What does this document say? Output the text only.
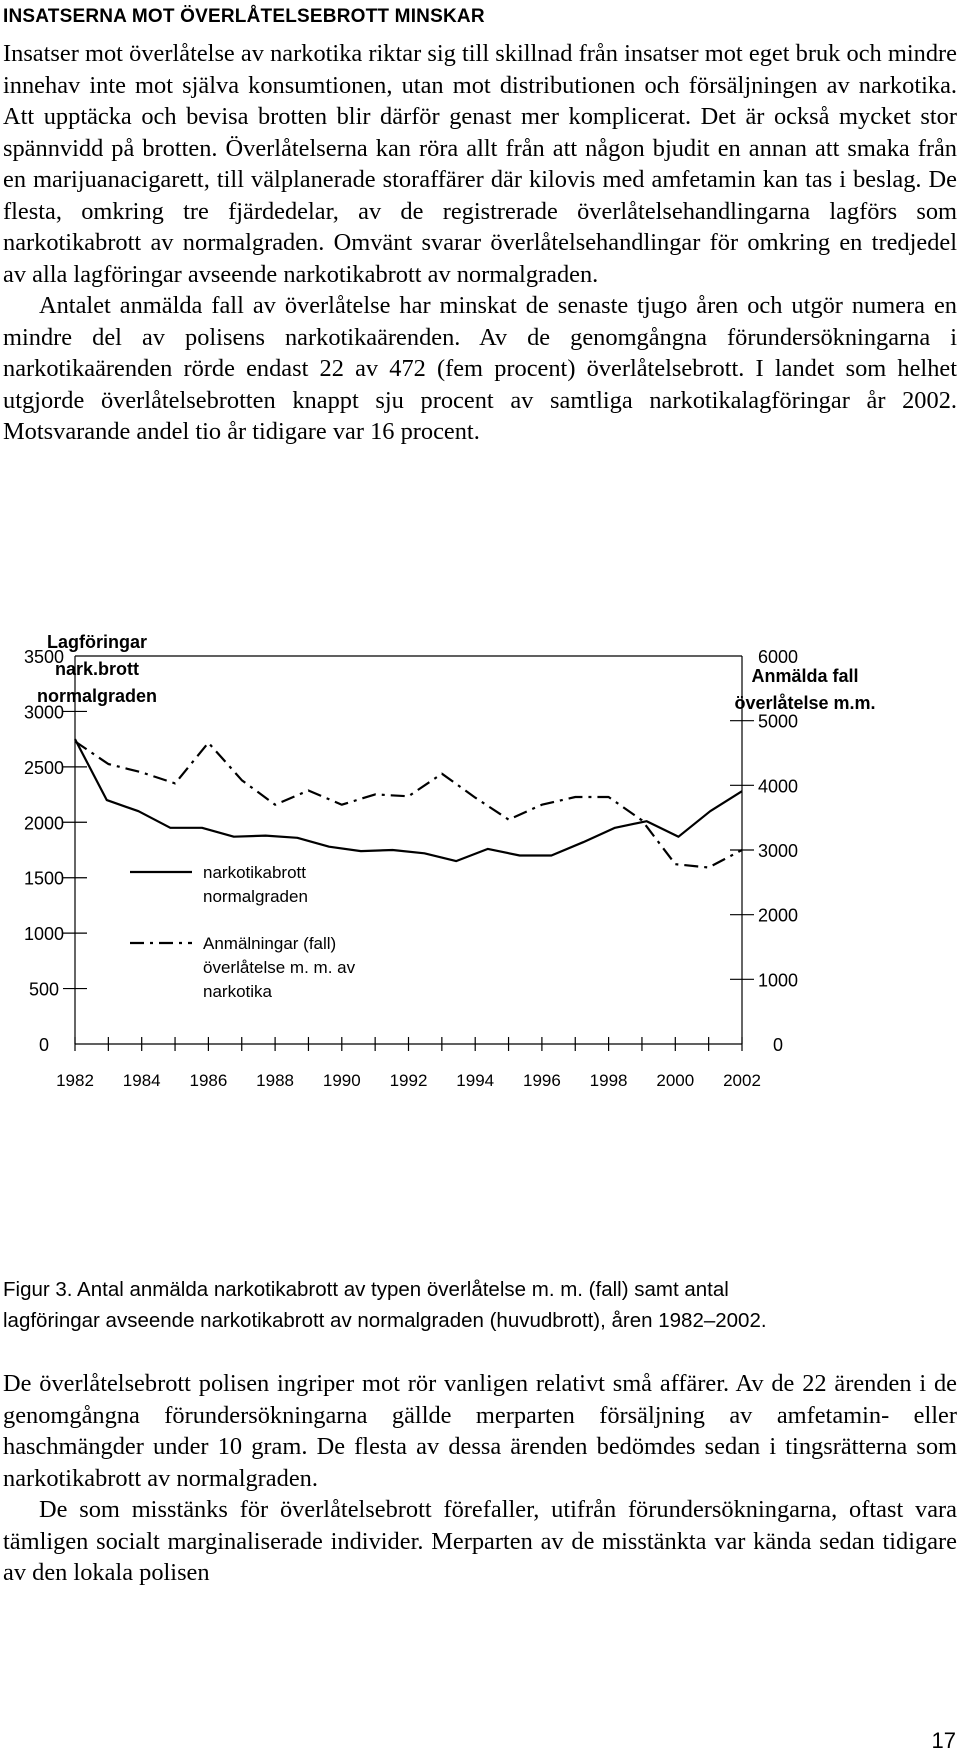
INSATSERNA MOT ÖVERLÅTELSEBROTT MINSKAR

Insatser mot överlåtelse av narkotika riktar sig till skillnad från insatser mot eget bruk och mindre innehav inte mot själva konsumtionen, utan mot distributionen och försäljningen av narkotika. Att upptäcka och bevisa brotten blir därför genast mer komplicerat. Det är också mycket stor spännvidd på brotten. Överlåtelserna kan röra allt från att någon bjudit en annan att smaka från en marijuanacigarett, till välplanerade storaffärer där kilovis med amfetamin kan tas i beslag. De flesta, omkring tre fjärdedelar, av de registrerade överlåtelsehandlingarna lagförs som narkotikabrott av normalgraden. Omvänt svarar överlåtelsehandlingar för omkring en tredjedel av alla lagföringar avseende narkotikabrott av normalgraden.

Antalet anmälda fall av överlåtelse har minskat de senaste tjugo åren och utgör numera en mindre del av polisens narkotikaärenden. Av de genomgångna förundersökningarna i narkotikaärenden rörde endast 22 av 472 (fem procent) överlåtelsebrott. I landet som helhet utgjorde överlåtelsebrotten knappt sju procent av samtliga narkotikalagföringar år 2002. Motsvarande andel tio år tidigare var 16 procent.

Lagföringar
nark.brott
normalgraden
Anmälda fall
överlåtelse m.m.
0
500
1000
1500
2000
2500
3000
3500
0
1000
2000
3000
4000
5000
6000
1982 1984 1986 1988 1990 1992 1994 1996 1998 2000 2002
narkotikabrott
normalgraden
Anmälningar (fall)
överlåtelse m. m. av
narkotika
Figur 3. Antal anmälda narkotikabrott av typen överlåtelse m. m. (fall) samt antal
lagföringar avseende narkotikabrott av normalgraden (huvudbrott), åren 1982–2002.

De överlåtelsebrott polisen ingriper mot rör vanligen relativt små affärer. Av de 22 ärenden i de genomgångna förundersökningarna gällde merparten försäljning av amfetamin- eller haschmängder under 10 gram. De flesta av dessa ärenden bedömdes sedan i tingsrätterna som narkotikabrott av normalgraden.

De som misstänks för överlåtelsebrott förefaller, utifrån förundersökningarna, oftast vara tämligen socialt marginaliserade individer. Merparten av de misstänkta var kända sedan tidigare av den lokala polisen

17
